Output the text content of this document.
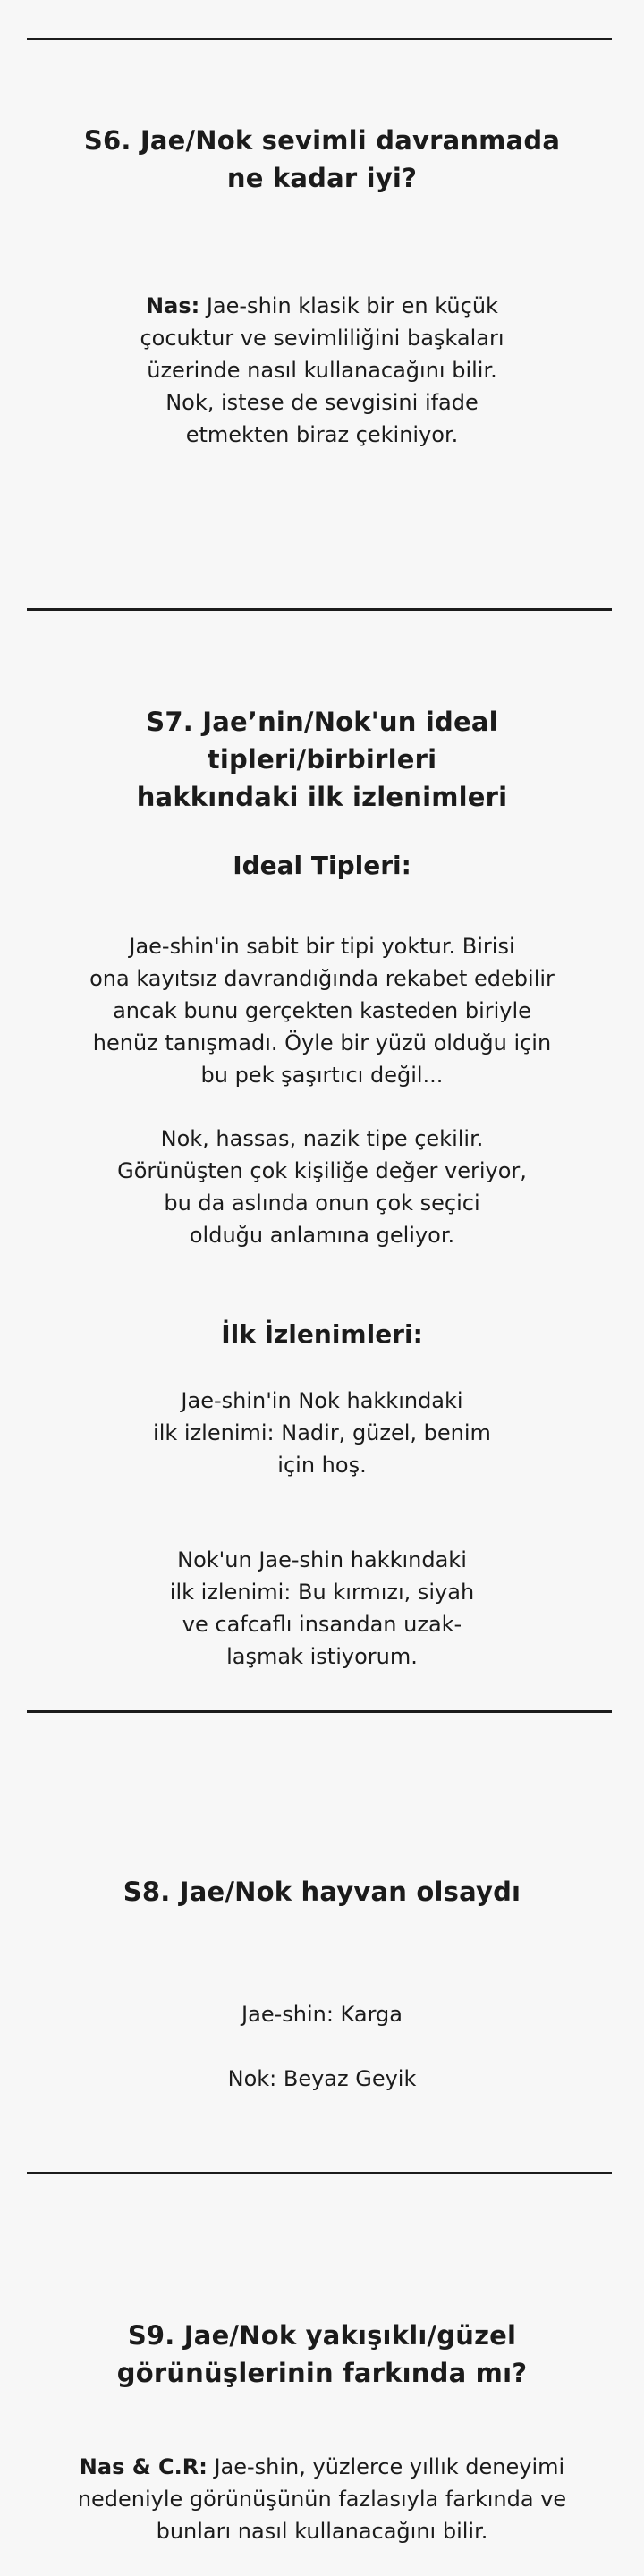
S6. Jae/Nok sevimli davranmada
ne kadar iyi?
Nas: Jae-shin klasik bir en küçük
çocuktur ve sevimliliğini başkaları
üzerinde nasıl kullanacağını bilir.
Nok, istese de sevgisini ifade
etmekten biraz çekiniyor.
S7. Jae’nin/Nok'un ideal tipleri/birbirleri
hakkındaki ilk izlenimleri
Ideal Tipleri:
Jae-shin'in sabit bir tipi yoktur. Birisi
ona kayıtsız davrandığında rekabet edebilir
ancak bunu gerçekten kasteden biriyle
henüz tanışmadı. Öyle bir yüzü olduğu için
bu pek şaşırtıcı değil...
Nok, hassas, nazik tipe çekilir.
Görünüşten çok kişiliğe değer veriyor,
bu da aslında onun çok seçici
olduğu anlamına geliyor.
İlk İzlenimleri:
Jae-shin'in Nok hakkındaki
ilk izlenimi: Nadir, güzel, benim
için hoş.
Nok'un Jae-shin hakkındaki
ilk izlenimi: Bu kırmızı, siyah
ve cafcaflı insandan uzak-
laşmak istiyorum.
S8. Jae/Nok hayvan olsaydı

Jae-shin: Karga

Nok: Beyaz Geyik

S9. Jae/Nok yakışıklı/güzel
görünüşlerinin farkında mı?
Nas & C.R: Jae-shin, yüzlerce yıllık deneyimi
nedeniyle görünüşünün fazlasıyla farkında ve
bunları nasıl kullanacağını bilir.
